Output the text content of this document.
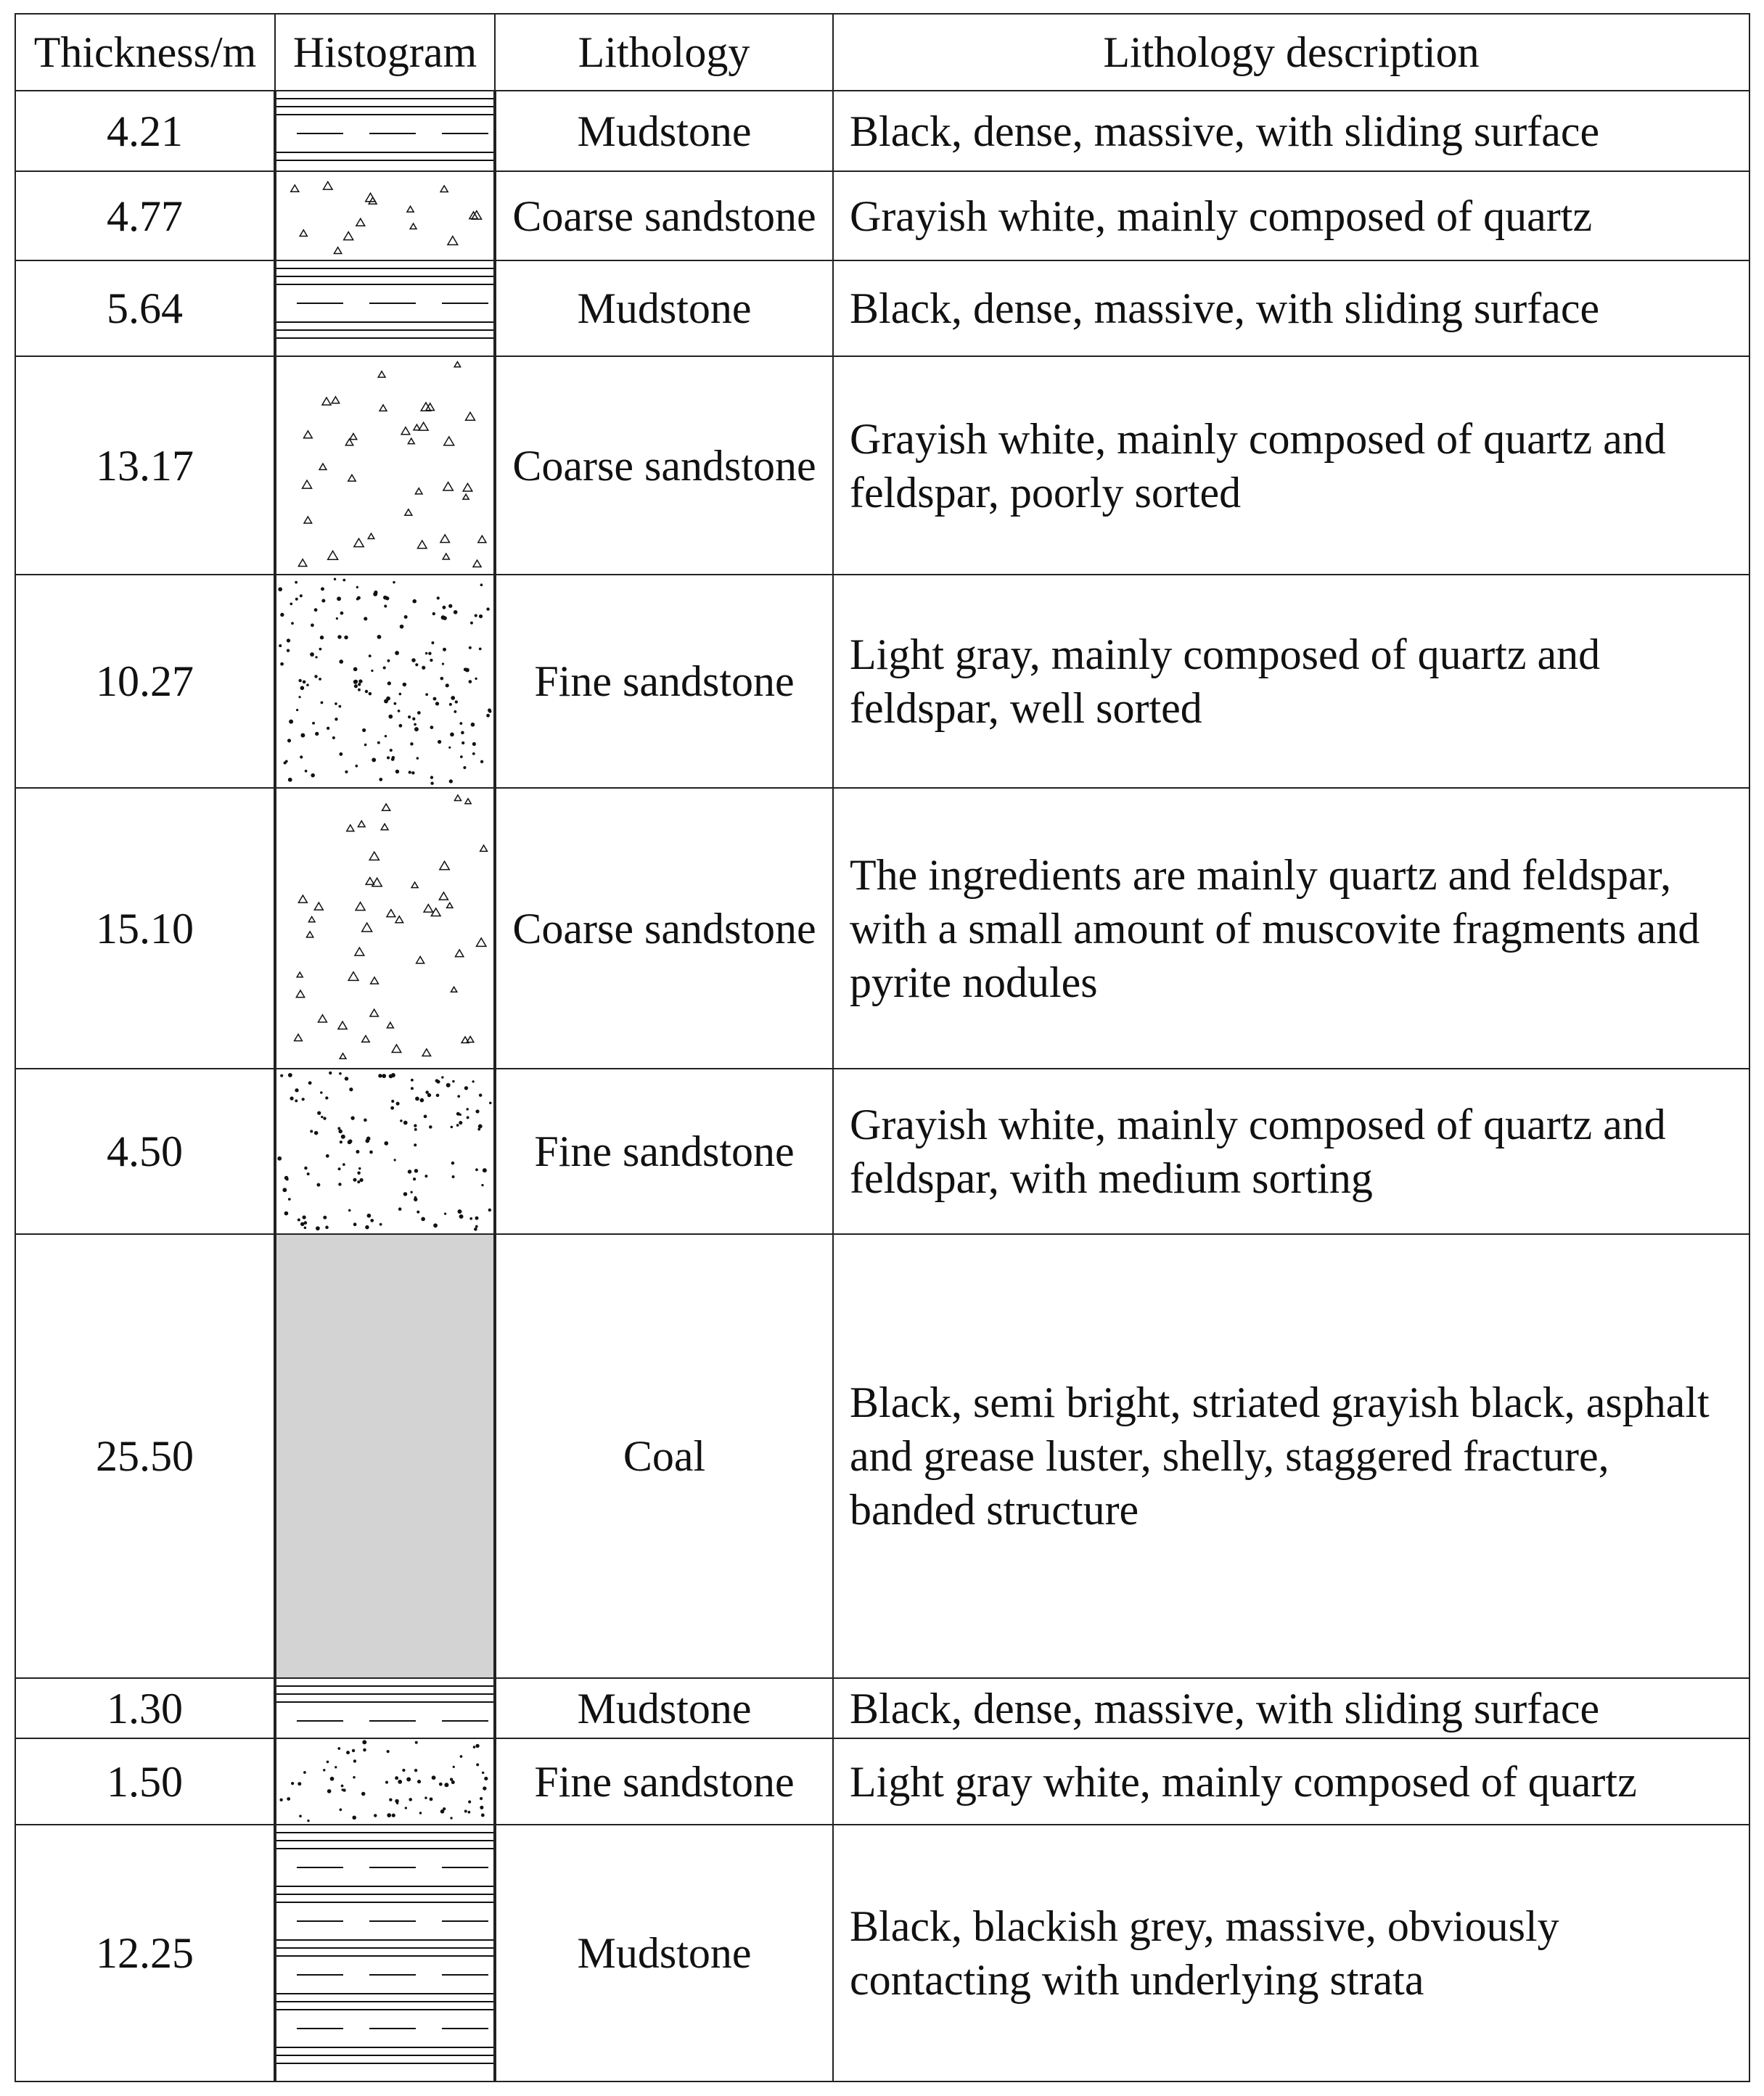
Thickness/m	Histogram	Lithology	Lithology description
4.21		Mudstone	Black, dense, massive, with sliding surface
4.77		Coarse sandstone	Grayish white, mainly composed of quartz
5.64		Mudstone	Black, dense, massive, with sliding surface
13.17		Coarse sandstone	Grayish white, mainly composed of quartz and feldspar, poorly sorted
10.27		Fine sandstone	Light gray, mainly composed of quartz and feldspar, well sorted
15.10		Coarse sandstone	The ingredients are mainly quartz and feldspar, with a small amount of muscovite fragments and pyrite nodules
4.50		Fine sandstone	Grayish white, mainly composed of quartz and feldspar, with medium sorting
25.50		Coal	Black, semi bright, striated grayish black, asphalt and grease luster, shelly, staggered fracture, banded structure
1.30		Mudstone	Black, dense, massive, with sliding surface
1.50		Fine sandstone	Light gray white, mainly composed of quartz
12.25		Mudstone	Black, blackish grey, massive, obviously contacting with underlying strata
